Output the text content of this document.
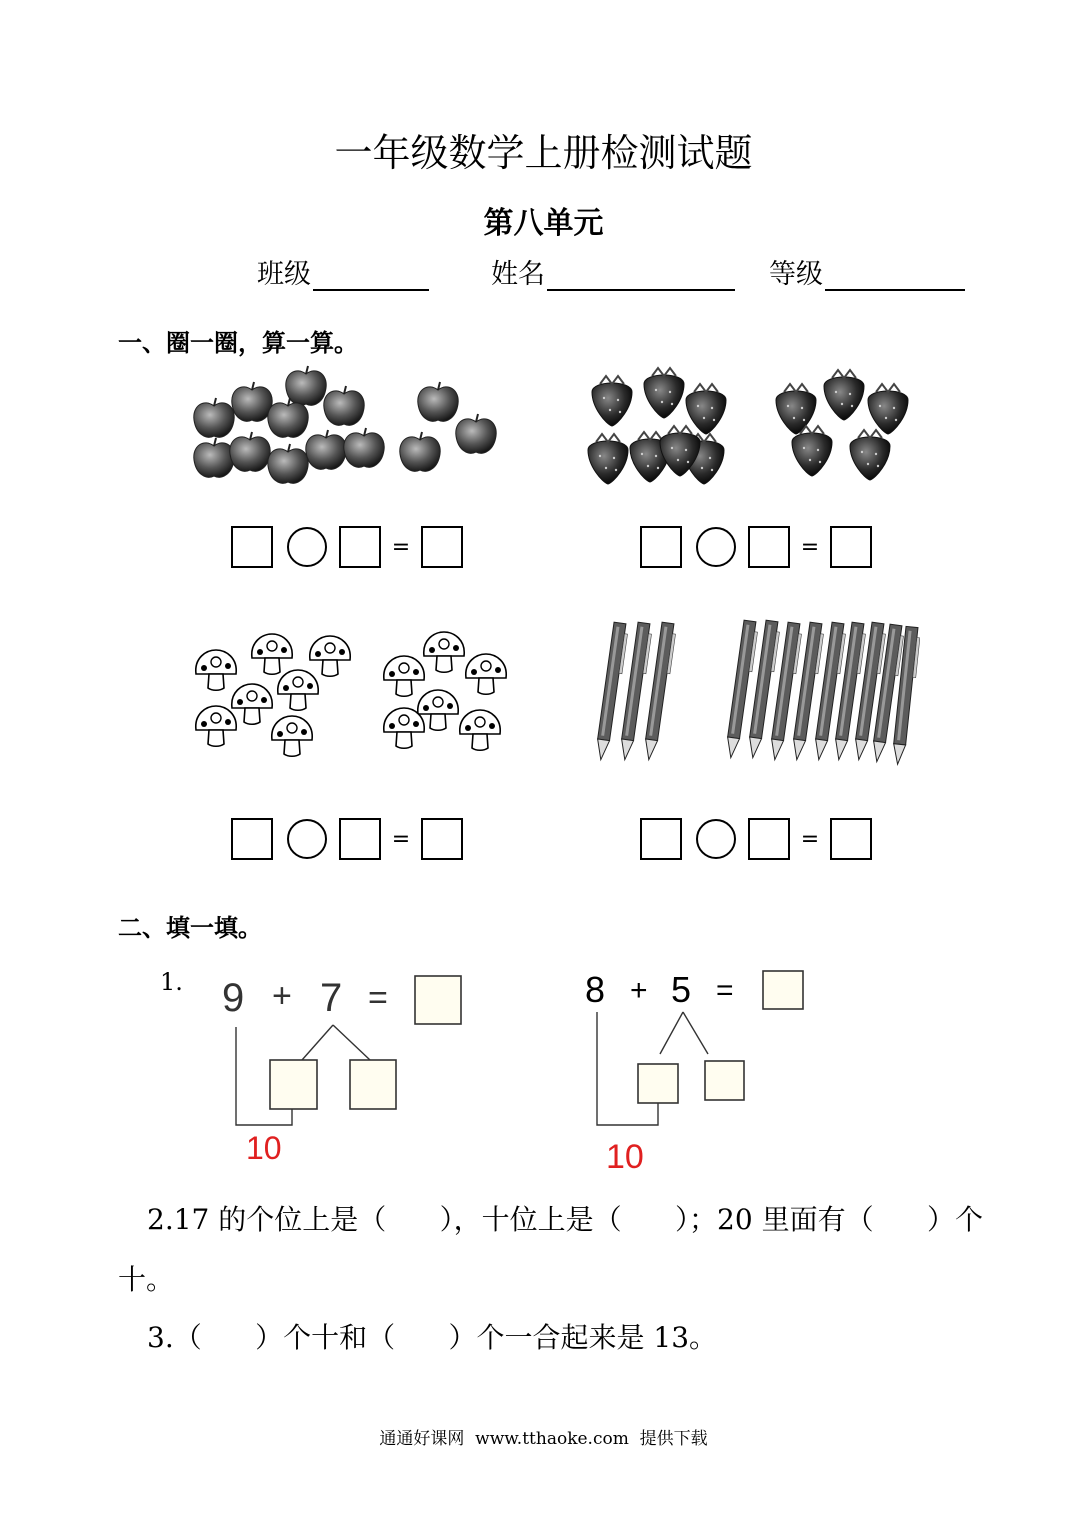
一年级数学上册检测试题
第八单元
班级	姓名	等级
一、圈一圈，算一算。
=	=
=	=
二、填一填。
1. 9 + 7 =
10
8 + 5 =
10
2.17 的个位上是（      ），十位上是（      ）；20 里面有（      ）个
十。
3.（      ）个十和（      ）个一合起来是 13。
通通好课网  www.tthaoke.com  提供下载
